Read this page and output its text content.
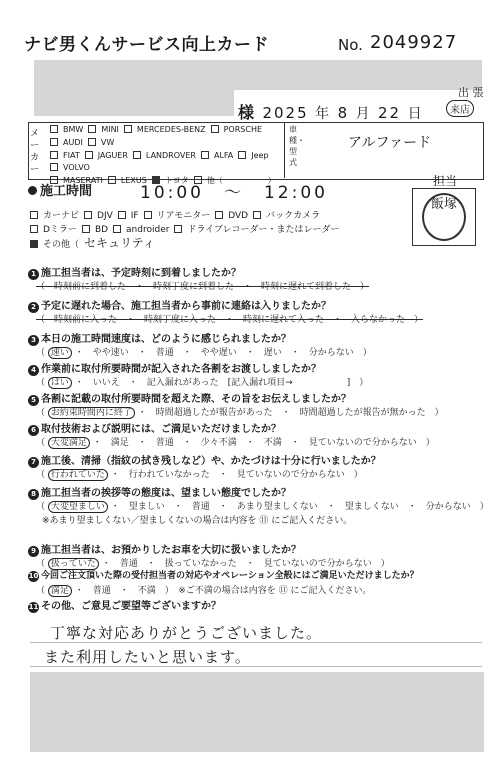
ナビ男くんサービス向上カード	No. 2049927
出 張
様 2025 年 8 月 22 日	来店
メーカー
BMW MINI MERCEDES-BENZ PORSCHEAUDI VW
FIAT JAGUER LANDROVER ALFA JeepVOLVO
MASERATI LEXUS トヨタ 他（　　　　　）
車種・型式
アルファード
施工時間	10:00　〜　12:00
担当
飯塚
カーナビ DJV IF リアモニター DVD バックカメラ
Dミラー BD androider ドライブレコーダー・またはレーダー
その他（ セキュリティ
1 施工担当者は、予定時刻に到着しましたか？
（　時刻前に到着した　・　時刻丁度に到着した　・　時刻に遅れて到着した　）
2 予定に遅れた場合、施工担当者から事前に連絡は入りましたか？
（　時刻前に入った　・　時刻丁度に入った　・　時刻に遅れて入った　・　入らなかった　）
3 本日の施工時間速度は、どのように感じられましたか？
（ 速い ・　やや速い　・　普通　・　やや遅い　・　遅い　・　分からない　）
4 作業前に取付所要時間が記入された各割をお渡ししましたか？
（ はい ・　いいえ　・　記入漏れがあった　[記入漏れ項目→　　　　　　]　）
5 各割に記載の取付所要時間を超えた際、その旨をお伝えしましたか？
（ お約束時間内に終了 ・　時間超過したが報告があった　・　時間超過したが報告が無かった　）
6 取付技術および説明には、ご満足いただけましたか？
（ 大変満足 ・　満足　・　普通　・　少々不満　・　不満　・　見ていないので分からない　）
7 施工後、清掃（指紋の拭き残しなど）や、かたづけは十分に行いましたか？
（ 行われていた ・　行われていなかった　・　見ていないので分からない　）
8 施工担当者の挨拶等の態度は、望ましい態度でしたか？
（ 大変望ましい ・　望ましい　・　普通　・　あまり望ましくない　・　望ましくない　・　分からない　）
※あまり望ましくない／望ましくないの場合は内容を ⑪ にご記入ください。
9 施工担当者は、お預かりしたお車を大切に扱いましたか？
（ 扱っていた ・　普通　・　扱っていなかった　・　見ていないので分からない　）
10 今回ご注文頂いた際の受付担当者の対応やオペレーション全般にはご満足いただけましたか？
（ 満足 ・　普通　・　不満　）　※ご不満の場合は内容を ⑪ にご記入ください。
11 その他、ご意見ご要望等ございますか？
丁寧な対応ありがとうございました。
また利用したいと思います。
